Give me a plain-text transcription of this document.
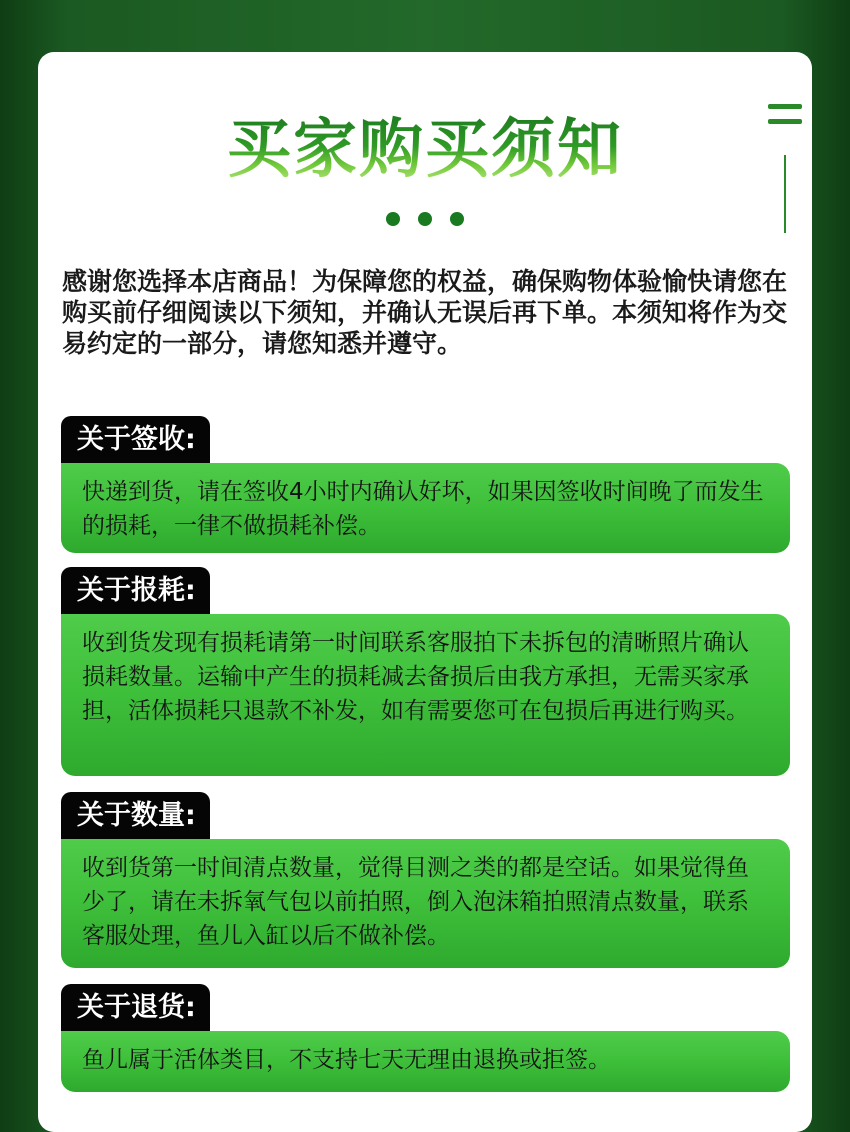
买家购买须知
感谢您选择本店商品！为保障您的权益，确保购物体验愉快请您在购买前仔细阅读以下须知，并确认无误后再下单。本须知将作为交易约定的一部分，请您知悉并遵守。
关于签收:
快递到货，请在签收4小时内确认好坏，如果因签收时间晚了而发生的损耗，一律不做损耗补偿。
关于报耗:
收到货发现有损耗请第一时间联系客服拍下未拆包的清晰照片确认损耗数量。运输中产生的损耗减去备损后由我方承担，无需买家承担，活体损耗只退款不补发，如有需要您可在包损后再进行购买。
关于数量:
收到货第一时间清点数量，觉得目测之类的都是空话。如果觉得鱼少了，请在未拆氧气包以前拍照，倒入泡沫箱拍照清点数量，联系客服处理，鱼儿入缸以后不做补偿。
关于退货:
鱼儿属于活体类目，不支持七天无理由退换或拒签。
